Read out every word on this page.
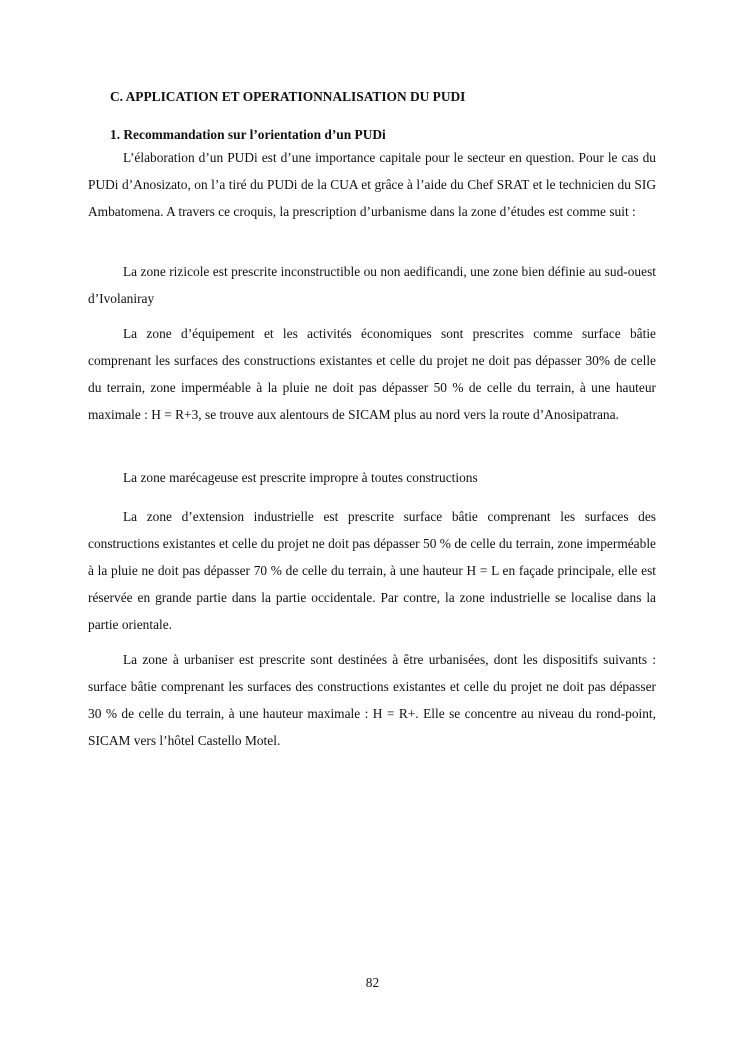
C. APPLICATION ET OPERATIONNALISATION DU PUDI
1. Recommandation sur l’orientation d’un PUDi

L’élaboration d’un PUDi est d’une importance capitale pour le secteur en question. Pour le cas du PUDi d’Anosizato, on l’a tiré du PUDi de la CUA et grâce à l’aide du Chef SRAT et le technicien du SIG Ambatomena. A travers ce croquis, la prescription d’urbanisme dans la zone d’études est comme suit :

La zone rizicole est prescrite inconstructible ou non aedificandi, une zone bien définie au sud-ouest d’Ivolaniray

La zone d’équipement et les activités économiques sont prescrites comme surface bâtie comprenant les surfaces des constructions existantes et celle du projet ne doit pas dépasser 30% de celle du terrain, zone imperméable à la pluie ne doit pas dépasser 50 % de celle du terrain, à une hauteur maximale : H = R+3, se trouve aux alentours de SICAM plus au nord vers la route d’Anosipatrana.

La zone marécageuse est prescrite impropre à toutes constructions

La zone d’extension industrielle est prescrite surface bâtie comprenant les surfaces des constructions existantes et celle du projet ne doit pas dépasser 50 % de celle du terrain, zone imperméable à la pluie ne doit pas dépasser 70 % de celle du terrain, à une hauteur H = L en façade principale, elle est réservée en grande partie dans la partie occidentale. Par contre, la zone industrielle se localise dans la partie orientale.

La zone à urbaniser est prescrite sont destinées à être urbanisées, dont les dispositifs suivants : surface bâtie comprenant les surfaces des constructions existantes et celle du projet ne doit pas dépasser 30 % de celle du terrain, à une hauteur maximale : H = R+. Elle se concentre au niveau du rond-point, SICAM vers l’hôtel Castello Motel.

82
